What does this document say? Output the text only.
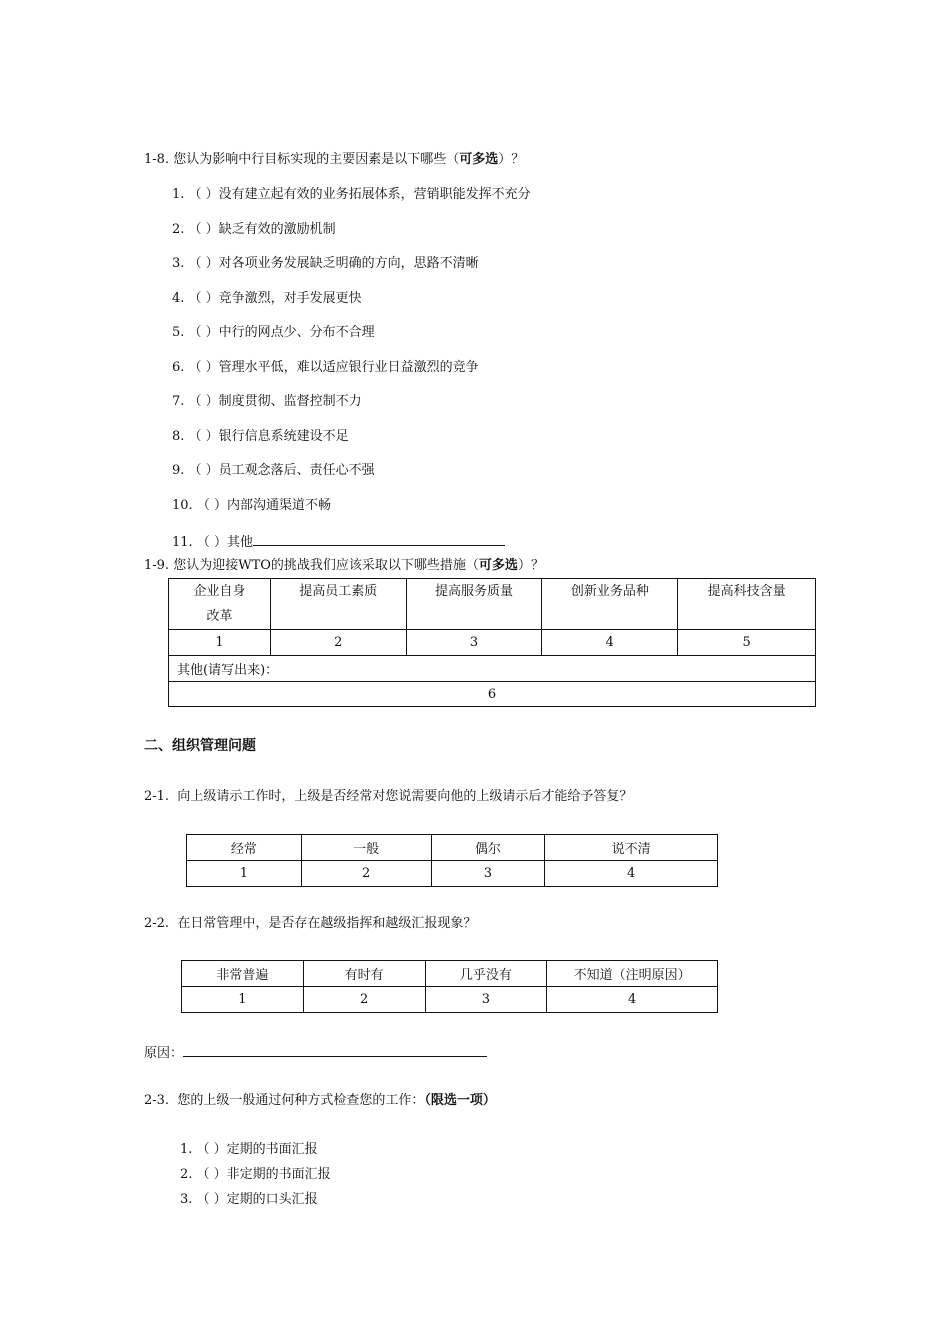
1-8. 您认为影响中行目标实现的主要因素是以下哪些（可多选）？
1. （ ）没有建立起有效的业务拓展体系，营销职能发挥不充分
2. （ ）缺乏有效的激励机制
3. （ ）对各项业务发展缺乏明确的方向，思路不清晰
4. （ ）竞争激烈，对手发展更快
5. （ ）中行的网点少、分布不合理
6. （ ）管理水平低，难以适应银行业日益激烈的竞争
7. （ ）制度贯彻、监督控制不力
8. （ ）银行信息系统建设不足
9. （ ）员工观念落后、责任心不强
10. （ ）内部沟通渠道不畅
11. （ ）其他
1-9. 您认为迎接WTO的挑战我们应该采取以下哪些措施（可多选）？
企业自身改革	提高员工素质	提高服务质量	创新业务品种	提高科技含量
1	2	3	4	5
其他(请写出来)：				
6				
二、组织管理问题
2-1. 向上级请示工作时，上级是否经常对您说需要向他的上级请示后才能给予答复？
经常	一般	偶尔	说不清
1	2	3	4
2-2. 在日常管理中，是否存在越级指挥和越级汇报现象？
非常普遍	有时有	几乎没有	不知道（注明原因）
1	2	3	4
原因：
2-3. 您的上级一般通过何种方式检查您的工作：（限选一项）
1. （ ）定期的书面汇报
2. （ ）非定期的书面汇报
3. （ ）定期的口头汇报
